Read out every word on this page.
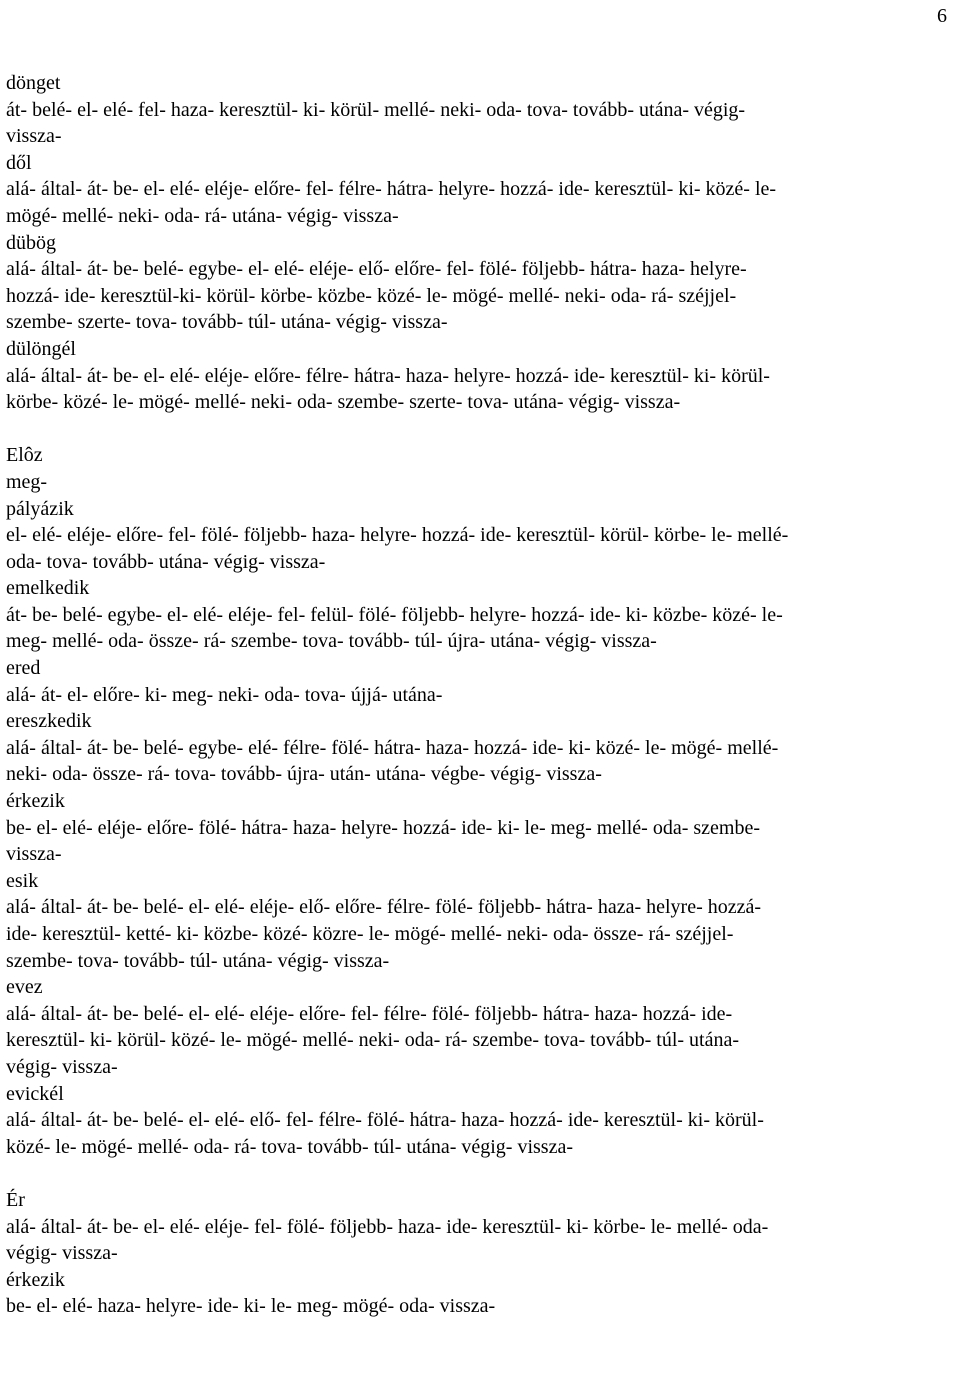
6
dönget
át- belé- el- elé- fel- haza- keresztül- ki- körül- mellé- neki- oda- tova- tovább- utána- végig-
vissza-
dől
alá- által- át- be- el- elé- eléje- előre- fel- félre- hátra- helyre- hozzá- ide- keresztül- ki- közé- le-
mögé- mellé- neki- oda- rá- utána- végig- vissza-
düb​ög
alá- által- át- be- belé- egybe- el- elé- eléje- elő- előre- fel- fölé- följebb- hátra- haza- helyre-
hozzá- ide- keresztül-ki- körül- körbe- közbe- közé- le- mögé- mellé- neki- oda- rá- széjjel-
szembe- szerte- tova- tovább- túl- utána- végig- vissza-
dülöngél
alá- által- át- be- el- elé- eléje- előre- félre- hátra- haza- helyre- hozzá- ide- keresztül- ki- körül-
körbe- közé- le- mögé- mellé- neki- oda- szembe- szerte- tova- utána- végig- vissza-
Elôz
meg-
pályázik
el- elé- eléje- előre- fel- fölé- följebb- haza- helyre- hozzá- ide- keresztül- körül- körbe- le- mellé-
oda- tova- tovább- utána- végig- vissza-
emelkedik
át- be- belé- egybe- el- elé- eléje- fel- felül- fölé- följebb- helyre- hozzá- ide- ki- közbe- közé- le-
meg- mellé- oda- össze- rá- szembe- tova- tovább- túl- újra- utána- végig- vissza-
ered
alá- át- el- előre- ki- meg- neki- oda- tova- újjá- utána-
ereszkedik
alá- által- át- be- belé- egybe- elé- félre- fölé- hátra- haza- hozzá- ide- ki- közé- le- mögé- mellé-
neki- oda- össze- rá- tova- tovább- újra- után- utána- végbe- végig- vissza-
érkezik
be- el- elé- eléje- előre- fölé- hátra- haza- helyre- hozzá- ide- ki- le- meg- mellé- oda- szembe-
vissza-
esik
alá- által- át- be- belé- el- elé- eléje- elő- előre- félre- fölé- följebb- hátra- haza- helyre- hozzá-
ide- keresztül- ketté- ki- közbe- közé- közre- le- mögé- mellé- neki- oda- össze- rá- széjjel-
szembe- tova- tovább- túl- utána- végig- vissza-
evez
alá- által- át- be- belé- el- elé- eléje- előre- fel- félre- fölé- följebb- hátra- haza- hozzá- ide-
keresztül- ki- körül- közé- le- mögé- mellé- neki- oda- rá- szembe- tova- tovább- túl- utána-
végig- vissza-
evickél
alá- által- át- be- belé- el- elé- elő- fel- félre- fölé- hátra- haza- hozzá- ide- keresztül- ki- körül-
közé- le- mögé- mellé- oda- rá- tova- tovább- túl- utána- végig- vissza-
Ér
alá- által- át- be- el- elé- eléje- fel- fölé- följebb- haza- ide- keresztül- ki- körbe- le- mellé- oda-
végig- vissza-
érkezik
be- el- elé- haza- helyre- ide- ki- le- meg- mögé- oda- vissza-
